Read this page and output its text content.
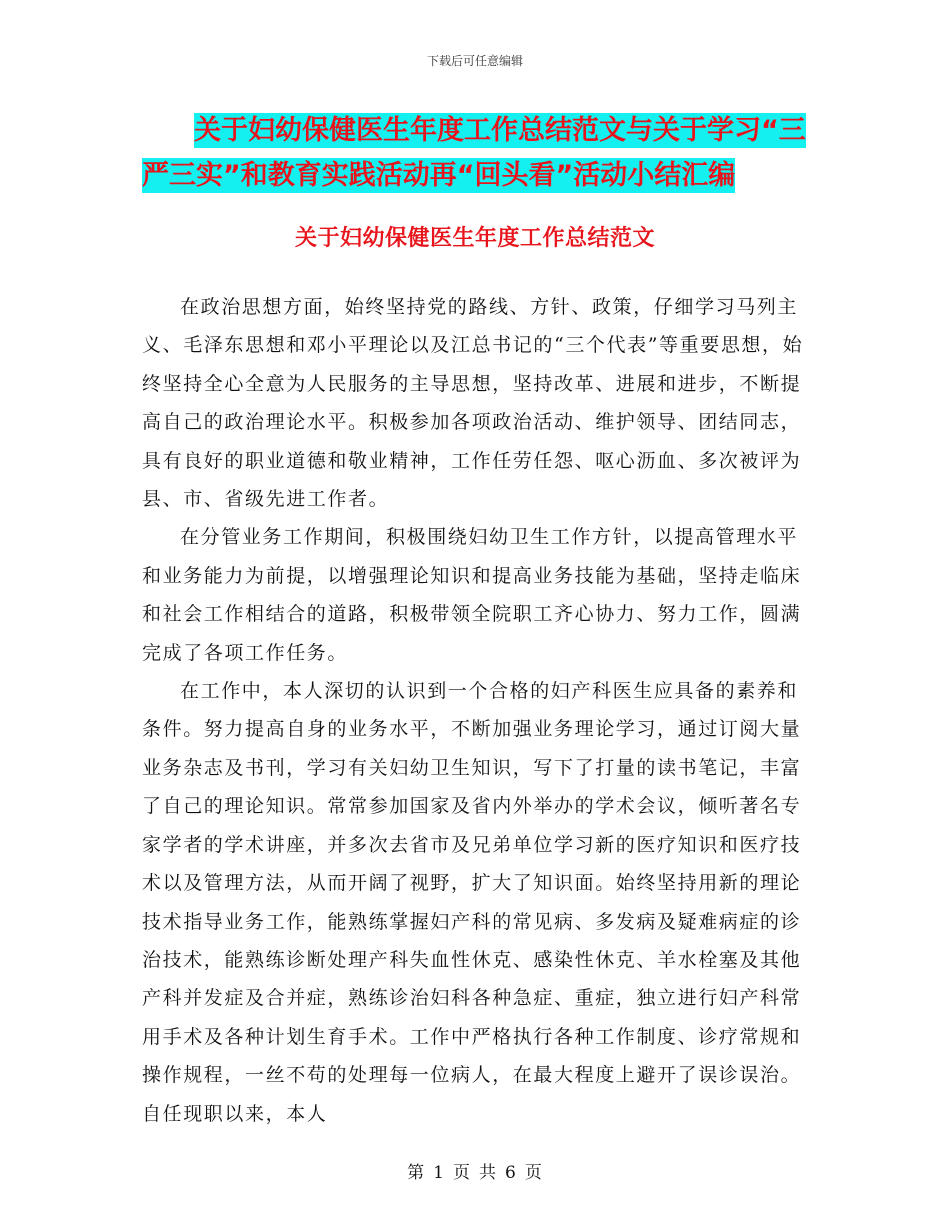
下载后可任意编辑
关于妇幼保健医生年度工作总结范文与关于学习“三
严三实”和教育实践活动再“回头看”活动小结汇编
关于妇幼保健医生年度工作总结范文

在政治思想方面，始终坚持党的路线、方针、政策，仔细学习马列主义、毛泽东思想和邓小平理论以及江总书记的“三个代表”等重要思想，始终坚持全心全意为人民服务的主导思想，坚持改革、进展和进步，不断提高自己的政治理论水平。积极参加各项政治活动、维护领导、团结同志，具有良好的职业道德和敬业精神，工作任劳任怨、呕心沥血、多次被评为县、市、省级先进工作者。

在分管业务工作期间，积极围绕妇幼卫生工作方针，以提高管理水平和业务能力为前提，以增强理论知识和提高业务技能为基础，坚持走临床和社会工作相结合的道路，积极带领全院职工齐心协力、努力工作，圆满完成了各项工作任务。

在工作中，本人深切的认识到一个合格的妇产科医生应具备的素养和条件。努力提高自身的业务水平，不断加强业务理论学习，通过订阅大量业务杂志及书刊，学习有关妇幼卫生知识，写下了打量的读书笔记，丰富了自己的理论知识。常常参加国家及省内外举办的学术会议，倾听著名专家学者的学术讲座，并多次去省市及兄弟单位学习新的医疗知识和医疗技术以及管理方法，从而开阔了视野，扩大了知识面。始终坚持用新的理论技术指导业务工作，能熟练掌握妇产科的常见病、多发病及疑难病症的诊治技术，能熟练诊断处理产科失血性休克、感染性休克、羊水栓塞及其他产科并发症及合并症，熟练诊治妇科各种急症、重症，独立进行妇产科常用手术及各种计划生育手术。工作中严格执行各种工作制度、诊疗常规和操作规程，一丝不苟的处理每一位病人，在最大程度上避开了误诊误治。自任现职以来，本人

第 1 页 共 6 页
